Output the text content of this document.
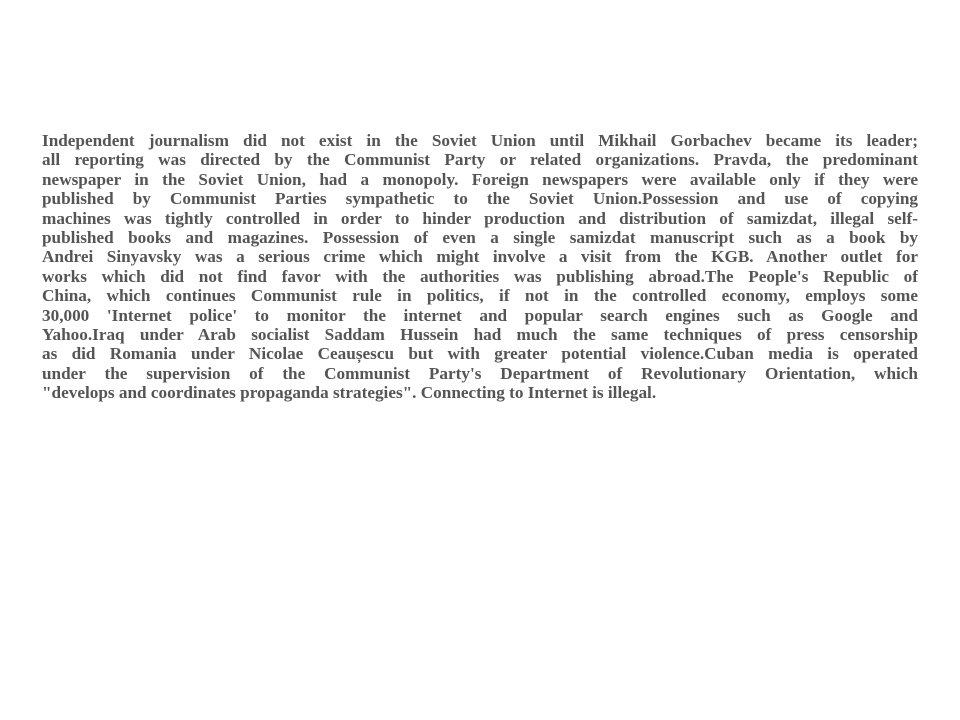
Independent journalism did not exist in the Soviet Union until Mikhail Gorbachev became its leader;
all reporting was directed by the Communist Party or related organizations. Pravda, the predominant
newspaper in the Soviet Union, had a monopoly. Foreign newspapers were available only if they were
published by Communist Parties sympathetic to the Soviet Union.Possession and use of copying
machines was tightly controlled in order to hinder production and distribution of samizdat, illegal self-
published books and magazines. Possession of even a single samizdat manuscript such as a book by
Andrei Sinyavsky was a serious crime which might involve a visit from the KGB. Another outlet for
works which did not find favor with the authorities was publishing abroad.The People's Republic of
China, which continues Communist rule in politics, if not in the controlled economy, employs some
30,000 'Internet police' to monitor the internet and popular search engines such as Google and
Yahoo.Iraq under Arab socialist Saddam Hussein had much the same techniques of press censorship
as did Romania under Nicolae Ceaușescu but with greater potential violence.Cuban media is operated
under the supervision of the Communist Party's Department of Revolutionary Orientation, which
"develops and coordinates propaganda strategies". Connecting to Internet is illegal.
